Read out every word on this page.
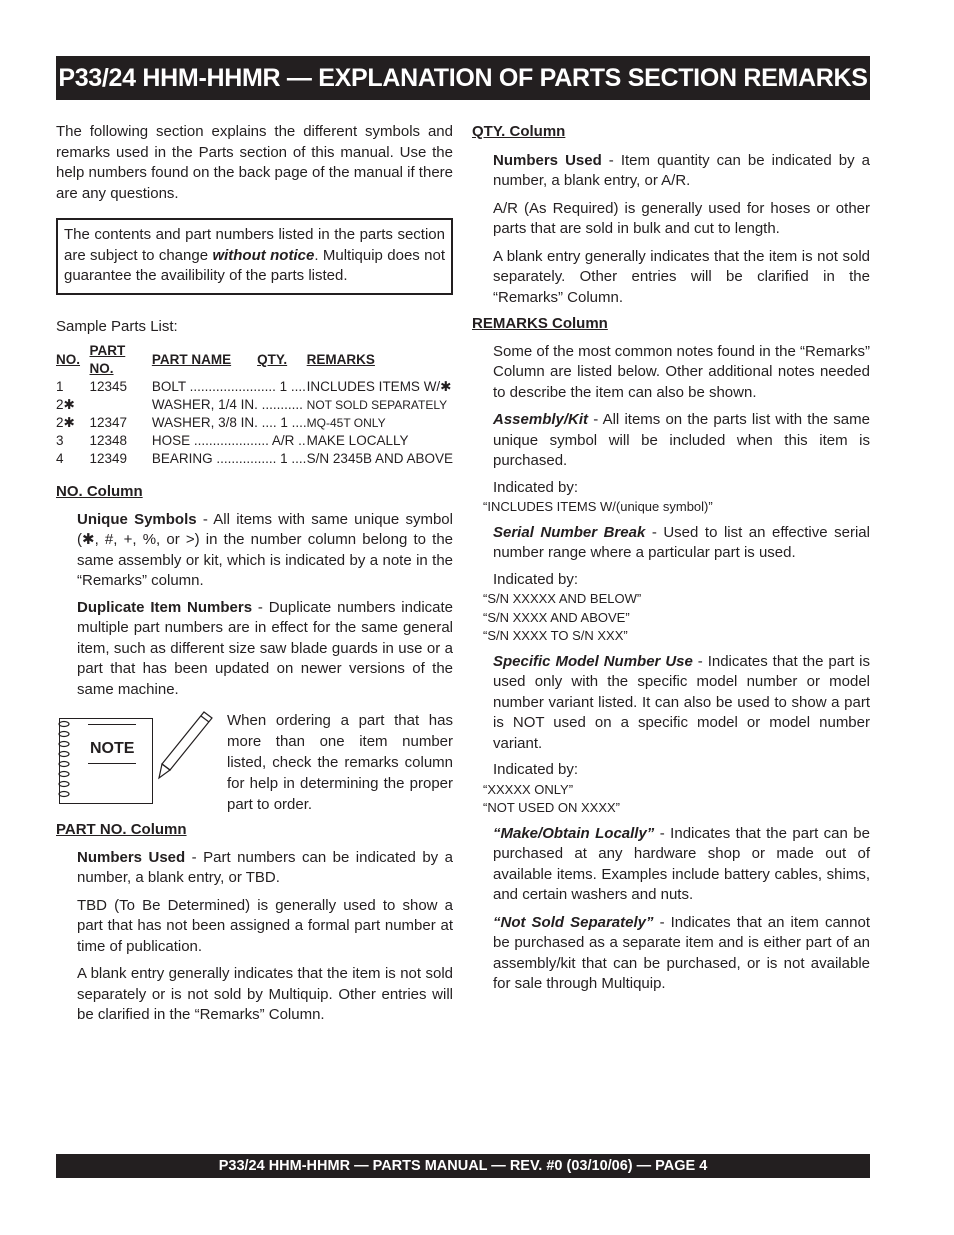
P33/24 HHM-HHMR — EXPLANATION OF PARTS SECTION REMARKS

The following section explains the different symbols and remarks used in the Parts section of this manual. Use the help numbers found on the back page of the manual if there are any questions.

The contents and part numbers listed in the parts section are subject to change without notice. Multiquip does not guarantee the availibility of the parts listed.

Sample Parts List:

NO.	PART NO.	PART NAME QTY.	REMARKS
1	12345	BOLT ....................... 1 ....	INCLUDES ITEMS W/✱
2✱		WASHER, 1/4 IN. ...........	NOT SOLD SEPARATELY
2✱	12347	WASHER, 3/8 IN. .... 1 ....	MQ-45T ONLY
3	12348	HOSE .................... A/R ..	MAKE LOCALLY
4	12349	BEARING ................ 1 ....	S/N 2345B AND ABOVE

NO. Column

Unique Symbols - All items with same unique symbol (✱, #, +, %, or >) in the number column belong to the same assembly or kit, which is indicated by a note in the “Remarks” column.

Duplicate Item Numbers - Duplicate numbers indicate multiple part numbers are in effect for the same general item, such as different size saw blade guards in use or a part that has been updated on newer versions of the same machine.

NOTE

When ordering a part that has more than one item number listed, check the remarks column for help in determining the proper part to order.

PART NO. Column

Numbers Used - Part numbers can be indicated by a number, a blank entry, or TBD.

TBD (To Be Determined) is generally used to show a part that has not been assigned a formal part number at time of publication.

A blank entry generally indicates that the item is not sold separately or is not sold by Multiquip. Other entries will be clarified in the “Remarks” Column.

QTY. Column

Numbers Used - Item quantity can be indicated by a number, a blank entry, or A/R.

A/R (As Required) is generally used for hoses or other parts that are sold in bulk and cut to length.

A blank entry generally indicates that the item is not sold separately. Other entries will be clarified in the “Remarks” Column.

REMARKS Column

Some of the most common notes found in the “Remarks” Column are listed below. Other additional notes needed to describe the item can also be shown.

Assembly/Kit - All items on the parts list with the same unique symbol will be included when this item is purchased.

Indicated by:

“INCLUDES ITEMS W/(unique symbol)”

Serial Number Break - Used to list an effective serial number range where a particular part is used.

Indicated by:

“S/N XXXXX AND BELOW”
“S/N XXXX AND ABOVE”
“S/N XXXX TO S/N XXX”

Specific Model Number Use - Indicates that the part is used only with the specific model number or model number variant listed. It can also be used to show a part is NOT used on a specific model or model number variant.

Indicated by:

“XXXXX ONLY”
“NOT USED ON XXXX”

“Make/Obtain Locally” - Indicates that the part can be purchased at any hardware shop or made out of available items. Examples include battery cables, shims, and certain washers and nuts.

“Not Sold Separately” - Indicates that an item cannot be purchased as a separate item and is either part of an assembly/kit that can be purchased, or is not available for sale through Multiquip.

P33/24 HHM-HHMR — PARTS MANUAL — REV. #0 (03/10/06) — PAGE 4
